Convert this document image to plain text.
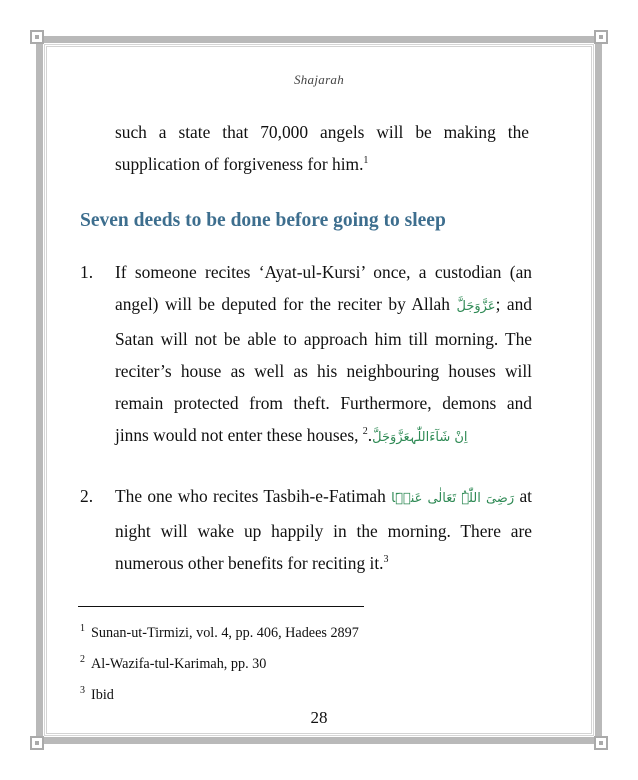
Shajarah
such a state that 70,000 angels will be making the supplication of forgiveness for him.$^1$
Seven deeds to be done before going to sleep
1. If someone recites ‘Ayat-ul-Kursi’ once, a custodian (an angel) will be deputed for the reciter by Allah عَزَّوَجَلَّ; and Satan will not be able to approach him till morning. The reciter’s house as well as his neighbouring houses will remain protected from theft. Furthermore, demons and jinns would not enter these houses, اِنْ شَآءَاللّٰہعَزَّوَجَلَّ.$^2$
2. The one who recites Tasbih-e-Fatimah رَضِیَ اللّٰہُ تَعَالٰی عَنۡہَا at night will wake up happily in the morning. There are numerous other benefits for reciting it.$^3$
$^1$ Sunan-ut-Tirmizi, vol. 4, pp. 406, Hadees 2897
$^2$ Al-Wazifa-tul-Karimah, pp. 30
$^3$ Ibid
28
